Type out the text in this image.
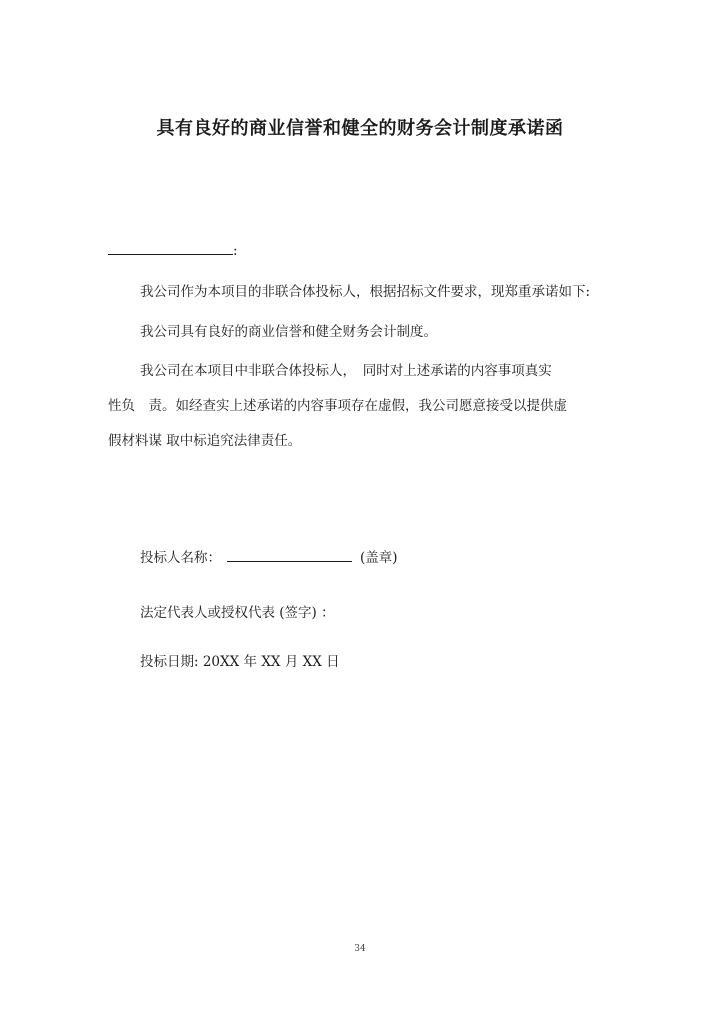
具有良好的商业信誉和健全的财务会计制度承诺函
:
我公司作为本项目的非联合体投标人，根据招标文件要求，现郑重承诺如下:
我公司具有良好的商业信誉和健全财务会计制度。
我公司在本项目中非联合体投标人，　同时对上述承诺的内容事项真实
性负　责。如经查实上述承诺的内容事项存在虚假，我公司愿意接受以提供虚
假材料谋 取中标追究法律责任。
投标人名称：	(盖章)
法定代表人或授权代表 (签字) ：
投标日期: 20XX 年 XX 月 XX 日
34
